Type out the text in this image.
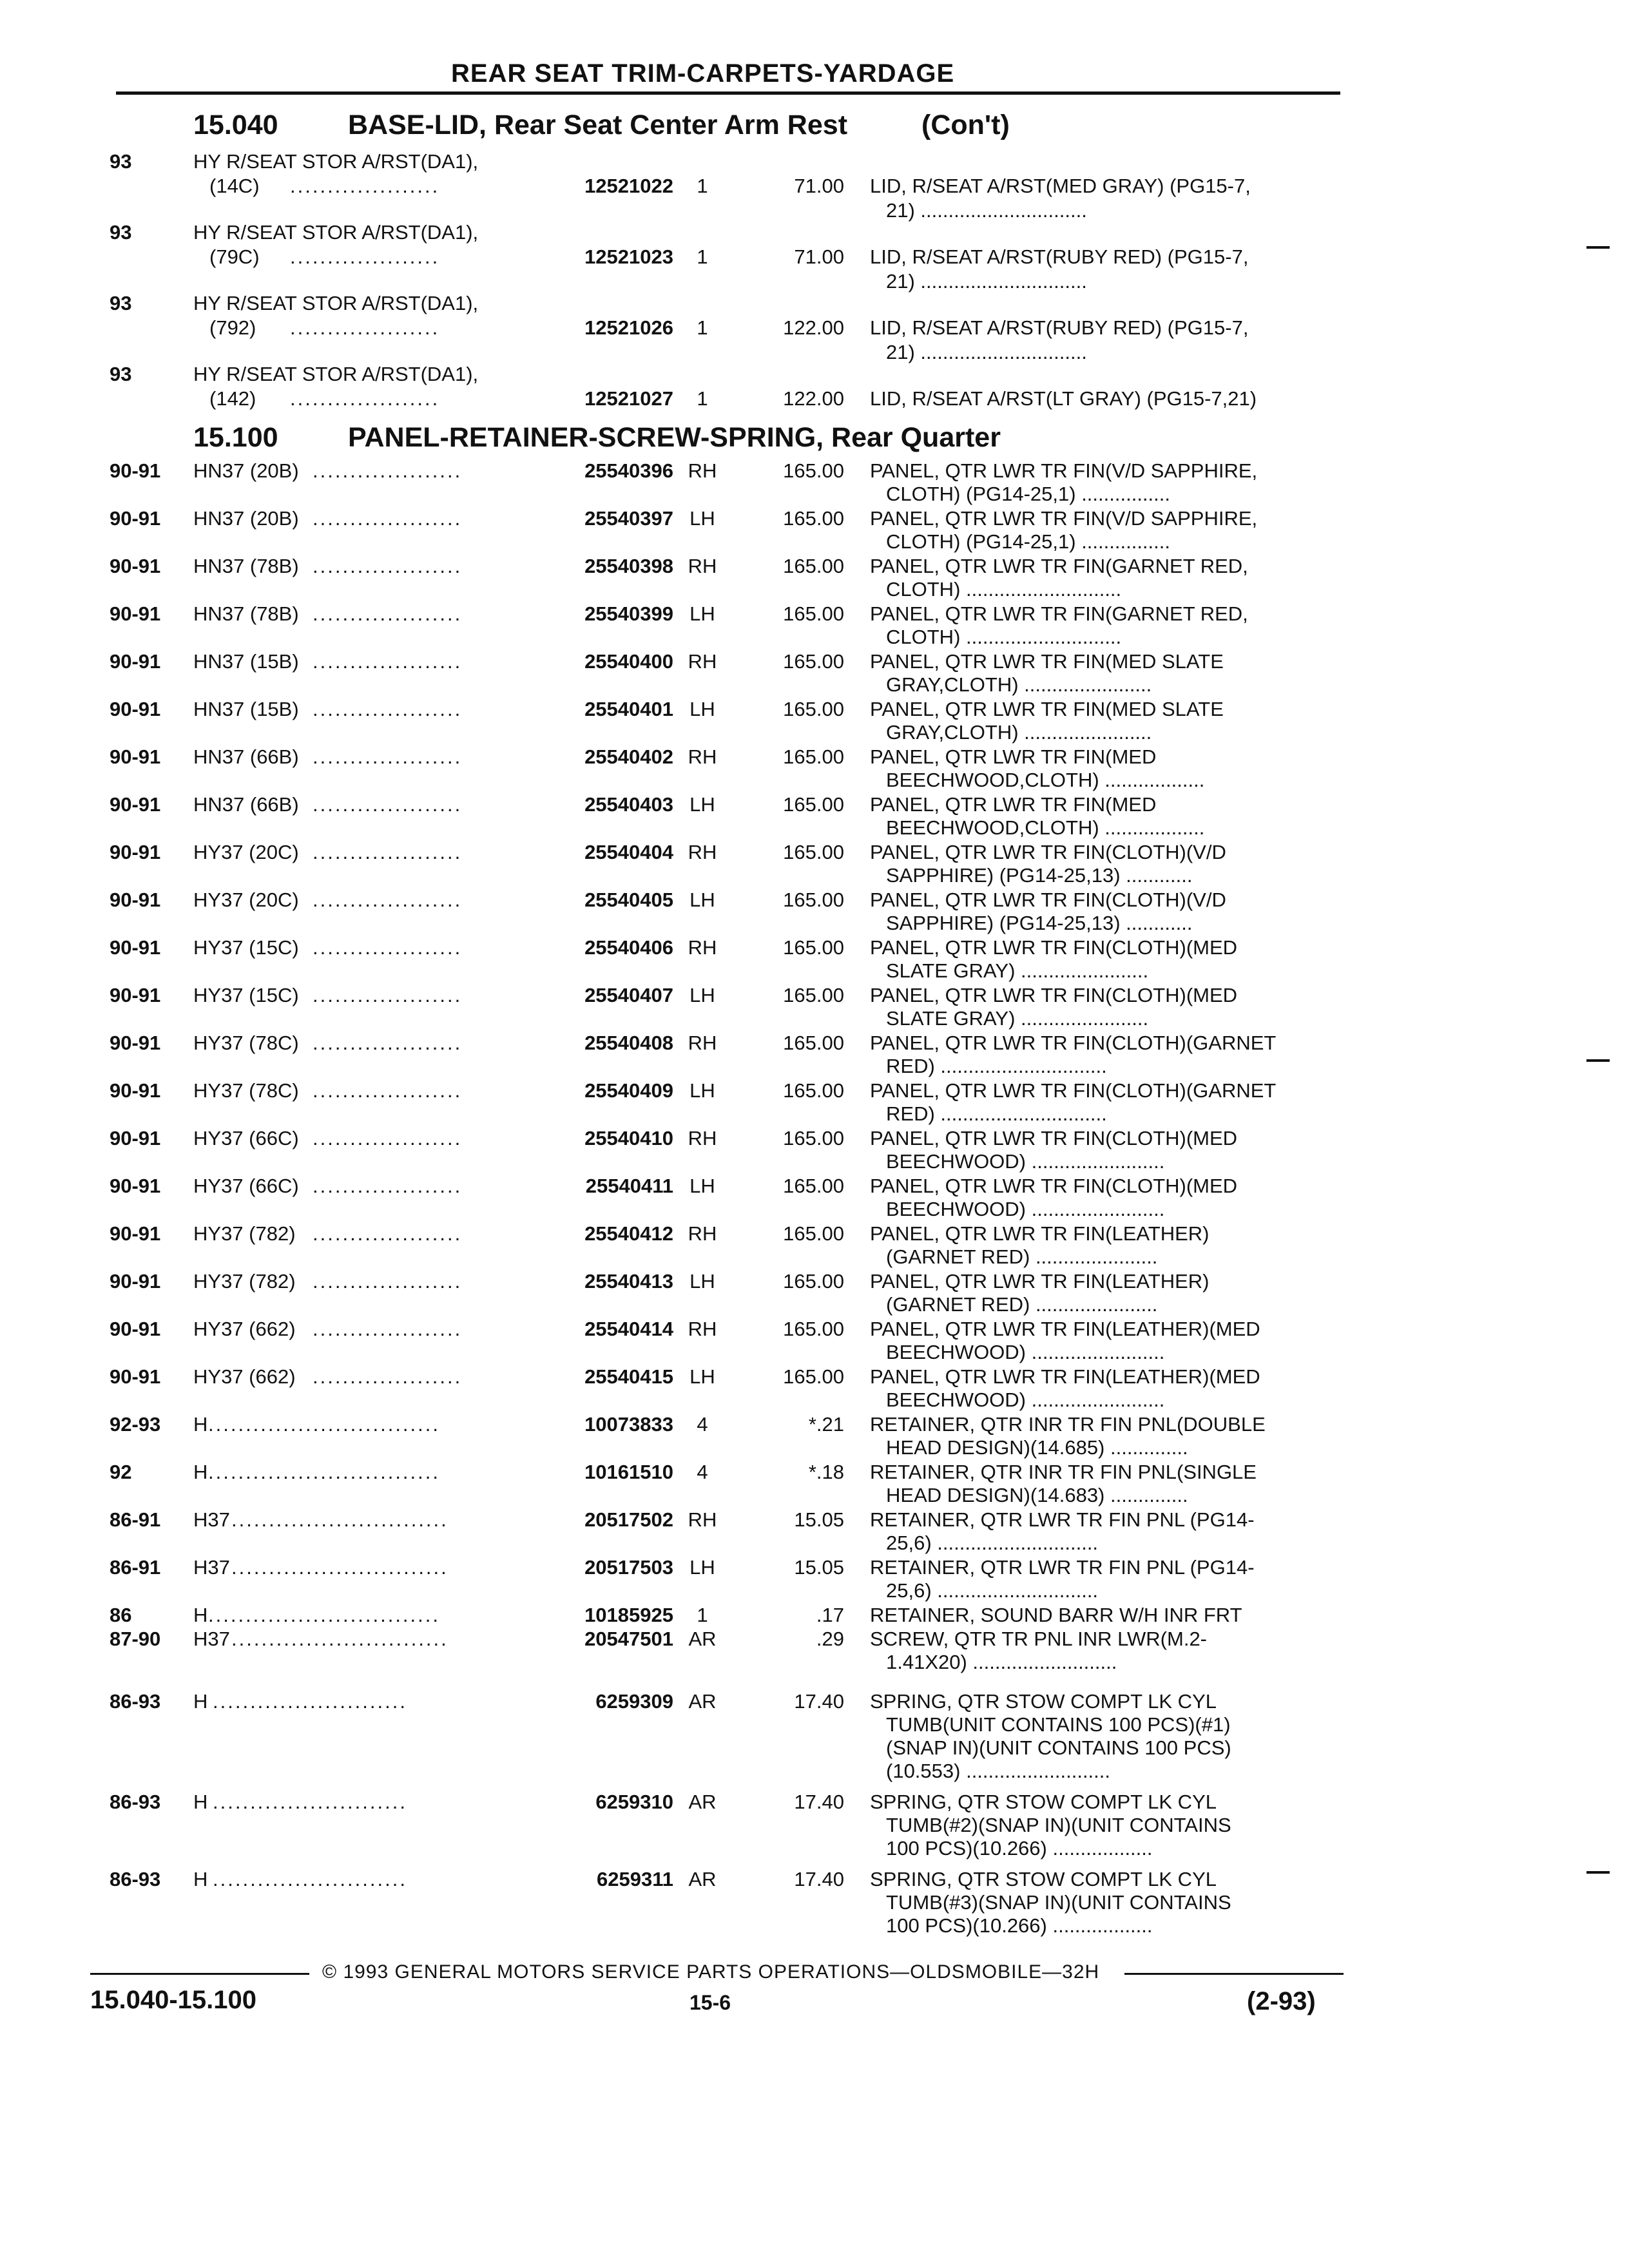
REAR SEAT TRIM-CARPETS-YARDAGE
15.040	BASE-LID, Rear Seat Center Arm Rest	(Con't)
93	HY R/SEAT STOR A/RST(DA1),
(14C) ....................	12521022	1	71.00 LID, R/SEAT A/RST(MED GRAY) (PG15-7,
21) ..............................
93	HY R/SEAT STOR A/RST(DA1),
(79C) ....................	12521023	1	71.00 LID, R/SEAT A/RST(RUBY RED) (PG15-7,
21) ..............................
93	HY R/SEAT STOR A/RST(DA1),
(792) ....................	12521026	1	122.00 LID, R/SEAT A/RST(RUBY RED) (PG15-7,
21) ..............................
93	HY R/SEAT STOR A/RST(DA1),
(142) ....................	12521027	1	122.00 LID, R/SEAT A/RST(LT GRAY) (PG15-7,21)
15.100	PANEL-RETAINER-SCREW-SPRING, Rear Quarter
90-91 HN37 (20B) ....................	25540396 RH	165.00 PANEL, QTR LWR TR FIN(V/D SAPPHIRE,
CLOTH) (PG14-25,1) ................
90-91 HN37 (20B) ....................	25540397 LH	165.00 PANEL, QTR LWR TR FIN(V/D SAPPHIRE,
CLOTH) (PG14-25,1) ................
90-91 HN37 (78B) ....................	25540398 RH	165.00 PANEL, QTR LWR TR FIN(GARNET RED,
CLOTH) ............................
90-91 HN37 (78B) ....................	25540399 LH	165.00 PANEL, QTR LWR TR FIN(GARNET RED,
CLOTH) ............................
90-91 HN37 (15B) ....................	25540400 RH	165.00 PANEL, QTR LWR TR FIN(MED SLATE
GRAY,CLOTH) .......................
90-91 HN37 (15B) ....................	25540401 LH	165.00 PANEL, QTR LWR TR FIN(MED SLATE
GRAY,CLOTH) .......................
90-91 HN37 (66B) ....................	25540402 RH	165.00 PANEL, QTR LWR TR FIN(MED
BEECHWOOD,CLOTH) ..................
90-91 HN37 (66B) ....................	25540403 LH	165.00 PANEL, QTR LWR TR FIN(MED
BEECHWOOD,CLOTH) ..................
90-91 HY37 (20C) ....................	25540404 RH	165.00 PANEL, QTR LWR TR FIN(CLOTH)(V/D
SAPPHIRE) (PG14-25,13) ............
90-91 HY37 (20C) ....................	25540405 LH	165.00 PANEL, QTR LWR TR FIN(CLOTH)(V/D
SAPPHIRE) (PG14-25,13) ............
90-91 HY37 (15C) ....................	25540406 RH	165.00 PANEL, QTR LWR TR FIN(CLOTH)(MED
SLATE GRAY) .......................
90-91 HY37 (15C) ....................	25540407 LH	165.00 PANEL, QTR LWR TR FIN(CLOTH)(MED
SLATE GRAY) .......................
90-91 HY37 (78C) ....................	25540408 RH	165.00 PANEL, QTR LWR TR FIN(CLOTH)(GARNET
RED) ..............................
90-91 HY37 (78C) ....................	25540409 LH	165.00 PANEL, QTR LWR TR FIN(CLOTH)(GARNET
RED) ..............................
90-91 HY37 (66C) ....................	25540410 RH	165.00 PANEL, QTR LWR TR FIN(CLOTH)(MED
BEECHWOOD) ........................
90-91 HY37 (66C) ....................	25540411 LH	165.00 PANEL, QTR LWR TR FIN(CLOTH)(MED
BEECHWOOD) ........................
90-91 HY37 (782) ....................	25540412 RH	165.00 PANEL, QTR LWR TR FIN(LEATHER)
(GARNET RED) ......................
90-91 HY37 (782) ....................	25540413 LH	165.00 PANEL, QTR LWR TR FIN(LEATHER)
(GARNET RED) ......................
90-91 HY37 (662) ....................	25540414 RH	165.00 PANEL, QTR LWR TR FIN(LEATHER)(MED
BEECHWOOD) ........................
90-91 HY37 (662) ....................	25540415 LH	165.00 PANEL, QTR LWR TR FIN(LEATHER)(MED
BEECHWOOD) ........................
92-93 H ...............................	10073833	4	*.21 RETAINER, QTR INR TR FIN PNL(DOUBLE
HEAD DESIGN)(14.685) ..............
92	H ...............................	10161510	4	*.18 RETAINER, QTR INR TR FIN PNL(SINGLE
HEAD DESIGN)(14.683) ..............
86-91 H37 .............................	20517502 RH	15.05 RETAINER, QTR LWR TR FIN PNL (PG14-
25,6) .............................
86-91 H37 .............................	20517503 LH	15.05 RETAINER, QTR LWR TR FIN PNL (PG14-
25,6) .............................
86	H ...............................	10185925	1	.17 RETAINER, SOUND BARR W/H INR FRT
87-90 H37 .............................	20547501 AR	.29 SCREW, QTR TR PNL INR LWR(M.2-
1.41X20) ..........................
86-93 H ..........................	6259309 AR	17.40 SPRING, QTR STOW COMPT LK CYL
TUMB(UNIT CONTAINS 100 PCS)(#1)
(SNAP IN)(UNIT CONTAINS 100 PCS)
(10.553) ..........................
86-93 H ..........................	6259310 AR	17.40 SPRING, QTR STOW COMPT LK CYL
TUMB(#2)(SNAP IN)(UNIT CONTAINS
100 PCS)(10.266) ..................
86-93 H ..........................	6259311 AR	17.40 SPRING, QTR STOW COMPT LK CYL
TUMB(#3)(SNAP IN)(UNIT CONTAINS
100 PCS)(10.266) ..................
© 1993 GENERAL MOTORS SERVICE PARTS OPERATIONS—OLDSMOBILE—32H
15.040-15.100	15-6	(2-93)
